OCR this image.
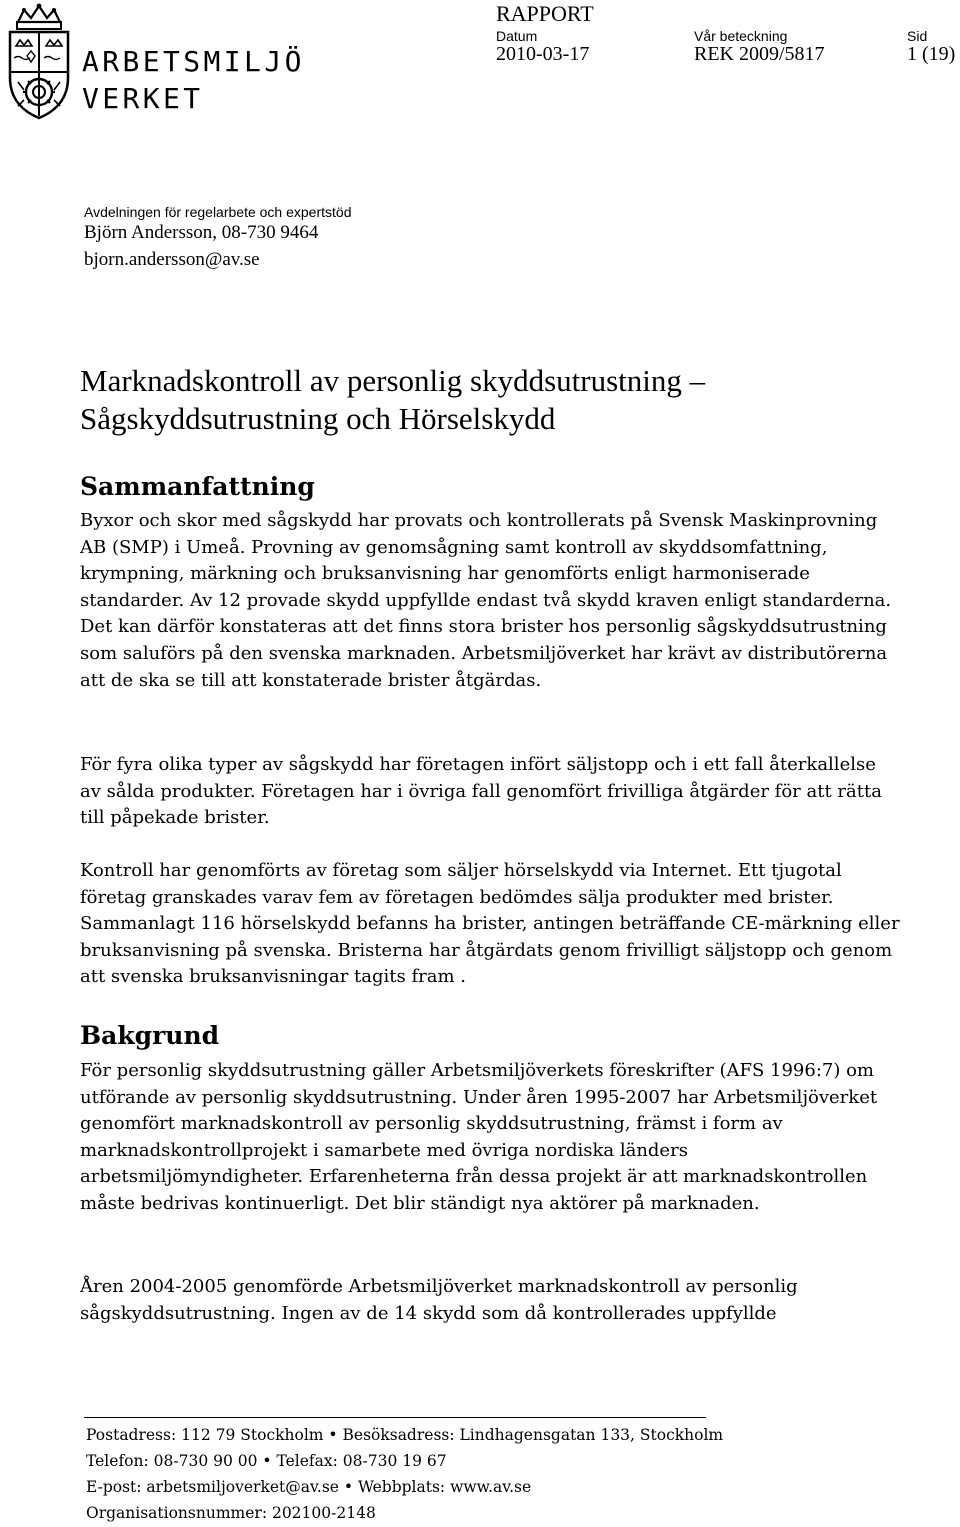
ARBETSMILJÖ
VERKET
RAPPORT
Datum
2010-03-17
Vår beteckning
REK 2009/5817
Sid
1 (19)
Avdelningen för regelarbete och expertstöd
Björn Andersson, 08-730 9464
bjorn.andersson@av.se
Marknadskontroll av personlig skyddsutrustning –
Sågskyddsutrustning och Hörselskydd
Sammanfattning

Byxor och skor med sågskydd har provats och kontrollerats på Svensk Maskinprovning AB (SMP) i Umeå. Provning av genomsågning samt kontroll av skyddsomfattning, krympning, märkning och bruksanvisning har genomförts enligt harmoniserade standarder. Av 12 provade skydd uppfyllde endast två skydd kraven enligt standarderna. Det kan därför konstateras att det finns stora brister hos personlig sågskyddsutrustning som saluförs på den svenska marknaden. Arbetsmiljöverket har krävt av distributörerna att de ska se till att konstaterade brister åtgärdas.

För fyra olika typer av sågskydd har företagen infört säljstopp och i ett fall återkallelse av sålda produkter. Företagen har i övriga fall genomfört frivilliga åtgärder för att rätta till påpekade brister.

Kontroll har genomförts av företag som säljer hörselskydd via Internet. Ett tjugotal företag granskades varav fem av företagen bedömdes sälja produkter med brister. Sammanlagt 116 hörselskydd befanns ha brister, antingen beträffande CE-märkning eller bruksanvisning på svenska. Bristerna har åtgärdats genom frivilligt säljstopp och genom att svenska bruksanvisningar tagits fram .

Bakgrund

För personlig skyddsutrustning gäller Arbetsmiljöverkets föreskrifter (AFS 1996:7) om utförande av personlig skyddsutrustning. Under åren 1995-2007 har Arbetsmiljöverket genomfört marknadskontroll av personlig skyddsutrustning, främst i form av marknadskontrollprojekt i samarbete med övriga nordiska länders arbetsmiljömyndigheter. Erfarenheterna från dessa projekt är att marknadskontrollen måste bedrivas kontinuerligt. Det blir ständigt nya aktörer på marknaden.

Åren 2004-2005 genomförde Arbetsmiljöverket marknadskontroll av personlig sågskyddsutrustning. Ingen av de 14 skydd som då kontrollerades uppfyllde

Postadress: 112 79 Stockholm • Besöksadress: Lindhagensgatan 133, Stockholm
Telefon: 08-730 90 00 • Telefax: 08-730 19 67
E-post: arbetsmiljoverket@av.se • Webbplats: www.av.se
Organisationsnummer: 202100-2148
